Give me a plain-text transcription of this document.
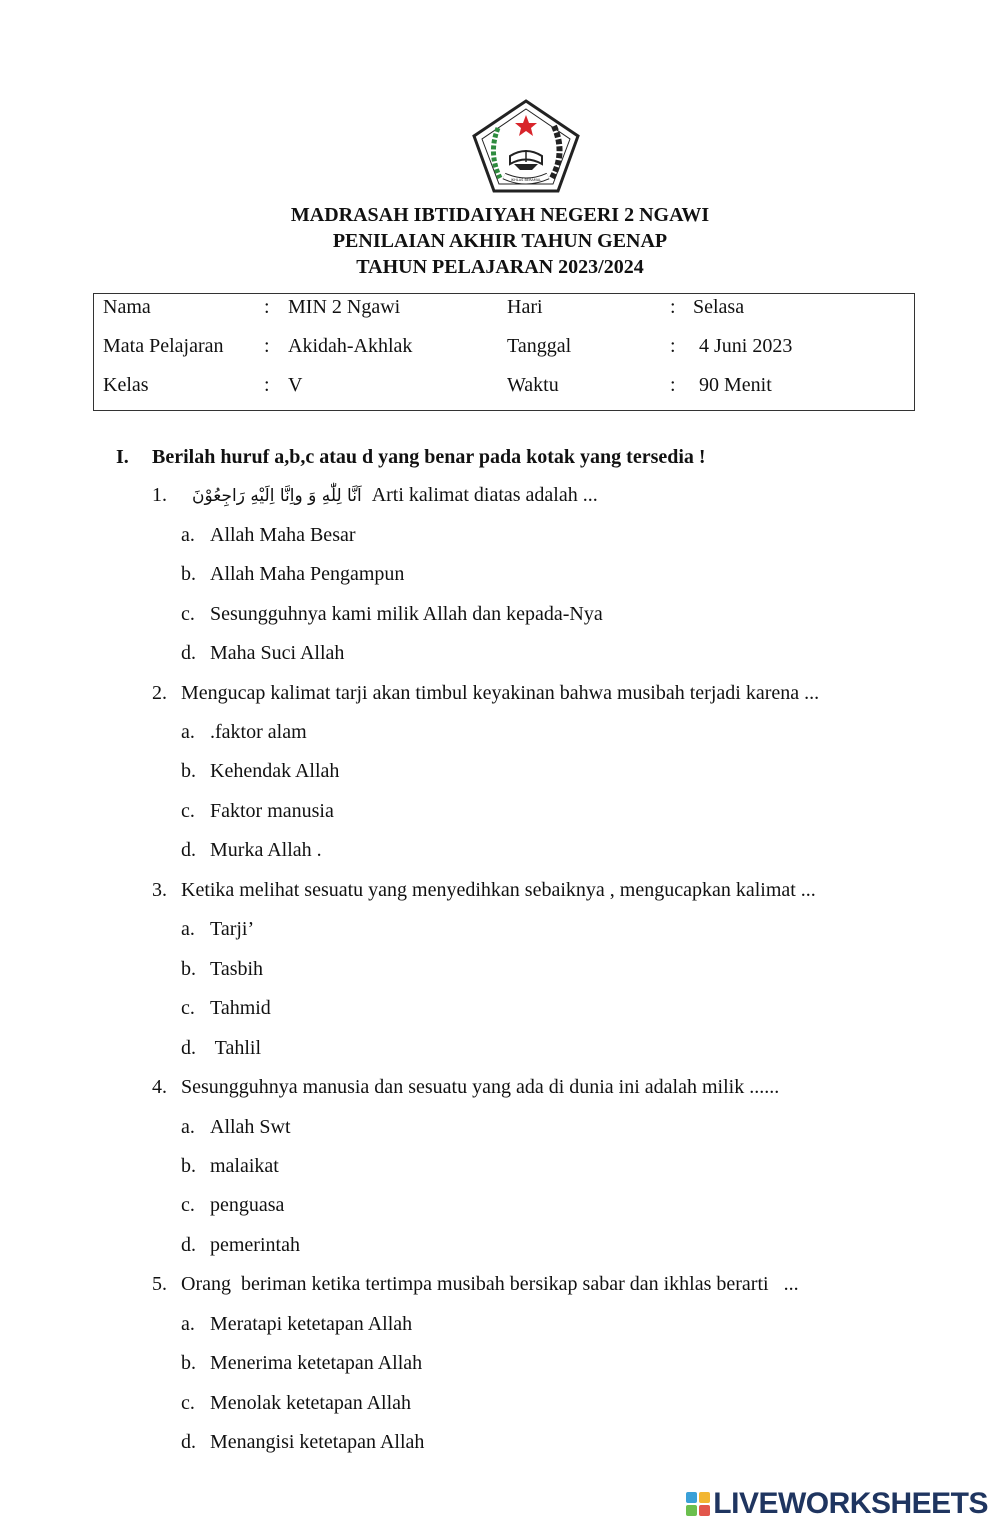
IKHLAS BERAMAL
MADRASAH IBTIDAIYAH NEGERI 2 NGAWI
PENILAIAN AKHIR TAHUN GENAP
TAHUN PELAJARAN 2023/2024
Nama	: MIN 2 Ngawi	Hari	: Selasa
Mata Pelajaran : Akidah-Akhlak	Tanggal	: 4 Juni 2023
Kelas	: V	Waktu	: 90 Menit
I. Berilah huruf a,b,c atau d yang benar pada kotak yang tersedia !
1. اَنَّا لِلّٰهِ وَ واِنَّا اِلَيْهِ رَاجِعُوْنَ Arti kalimat diatas adalah ...
a. Allah Maha Besar
b. Allah Maha Pengampun
c. Sesungguhnya kami milik Allah dan kepada-Nya
d. Maha Suci Allah
2. Mengucap kalimat tarji akan timbul keyakinan bahwa musibah terjadi karena ...
a. .faktor alam
b. Kehendak Allah
c. Faktor manusia
d. Murka Allah .
3. Ketika melihat sesuatu yang menyedihkan sebaiknya , mengucapkan kalimat ...
a. Tarji’
b. Tasbih
c. Tahmid
d. Tahlil
4. Sesungguhnya manusia dan sesuatu yang ada di dunia ini adalah milik ......
a. Allah Swt
b. malaikat
c. penguasa
d. pemerintah
5. Orang  beriman ketika tertimpa musibah bersikap sabar dan ikhlas berarti   ...
a. Meratapi ketetapan Allah
b. Menerima ketetapan Allah
c. Menolak ketetapan Allah
d. Menangisi ketetapan Allah
LIVEWORKSHEETS
